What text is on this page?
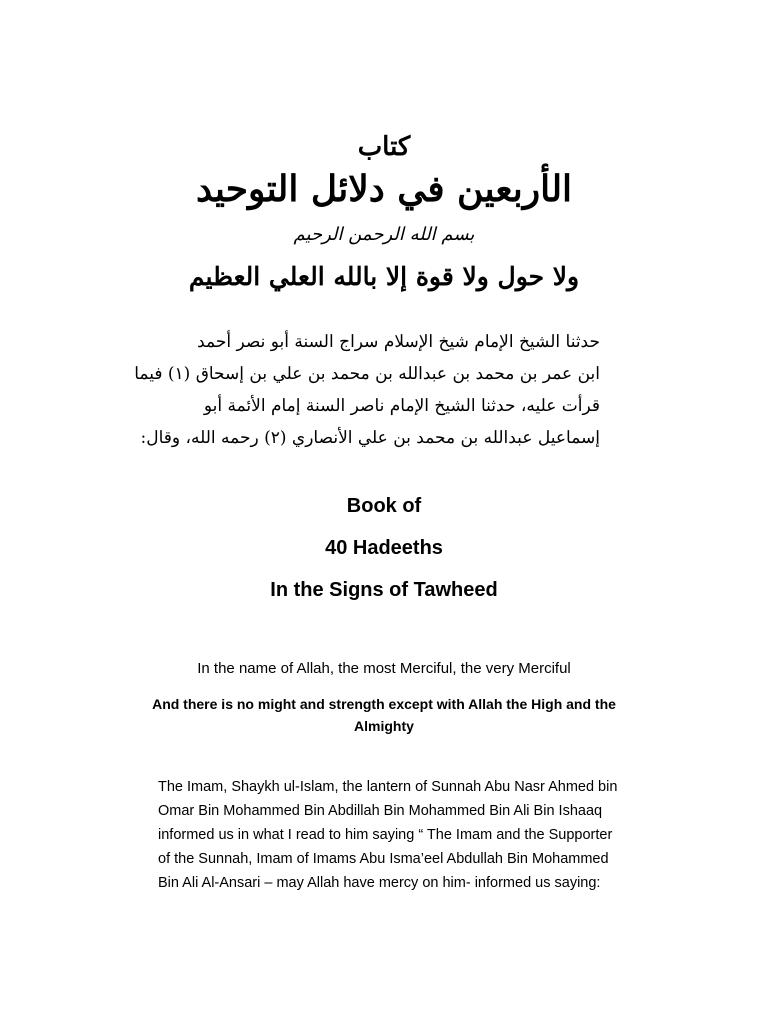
كتاب
الأربعين في دلائل التوحيد
بسم الله الرحمن الرحيم
ولا حول ولا قوة إلا بالله العلي العظيم
حدثنا الشيخ الإمام شيخ الإسلام سراج السنة أبو نصر أحمد
ابن عمر بن محمد بن عبدالله بن محمد بن علي بن إسحاق (١) فيما
قرأت عليه، حدثنا الشيخ الإمام ناصر السنة إمام الأئمة أبو
إسماعيل عبدالله بن محمد بن علي الأنصاري (٢) رحمه الله، وقال:
Book of
40 Hadeeths
In the Signs of Tawheed
In the name of Allah, the most Merciful, the very Merciful
And there is no might and strength except with Allah the High and the
Almighty
The Imam, Shaykh ul-Islam, the lantern of Sunnah Abu Nasr Ahmed bin
Omar Bin Mohammed Bin Abdillah Bin Mohammed Bin Ali Bin Ishaaq
informed us in what I read to him saying “ The Imam and the Supporter
of the Sunnah, Imam of Imams Abu Isma’eel Abdullah Bin Mohammed
Bin Ali Al-Ansari – may Allah have mercy on him- informed us saying:
